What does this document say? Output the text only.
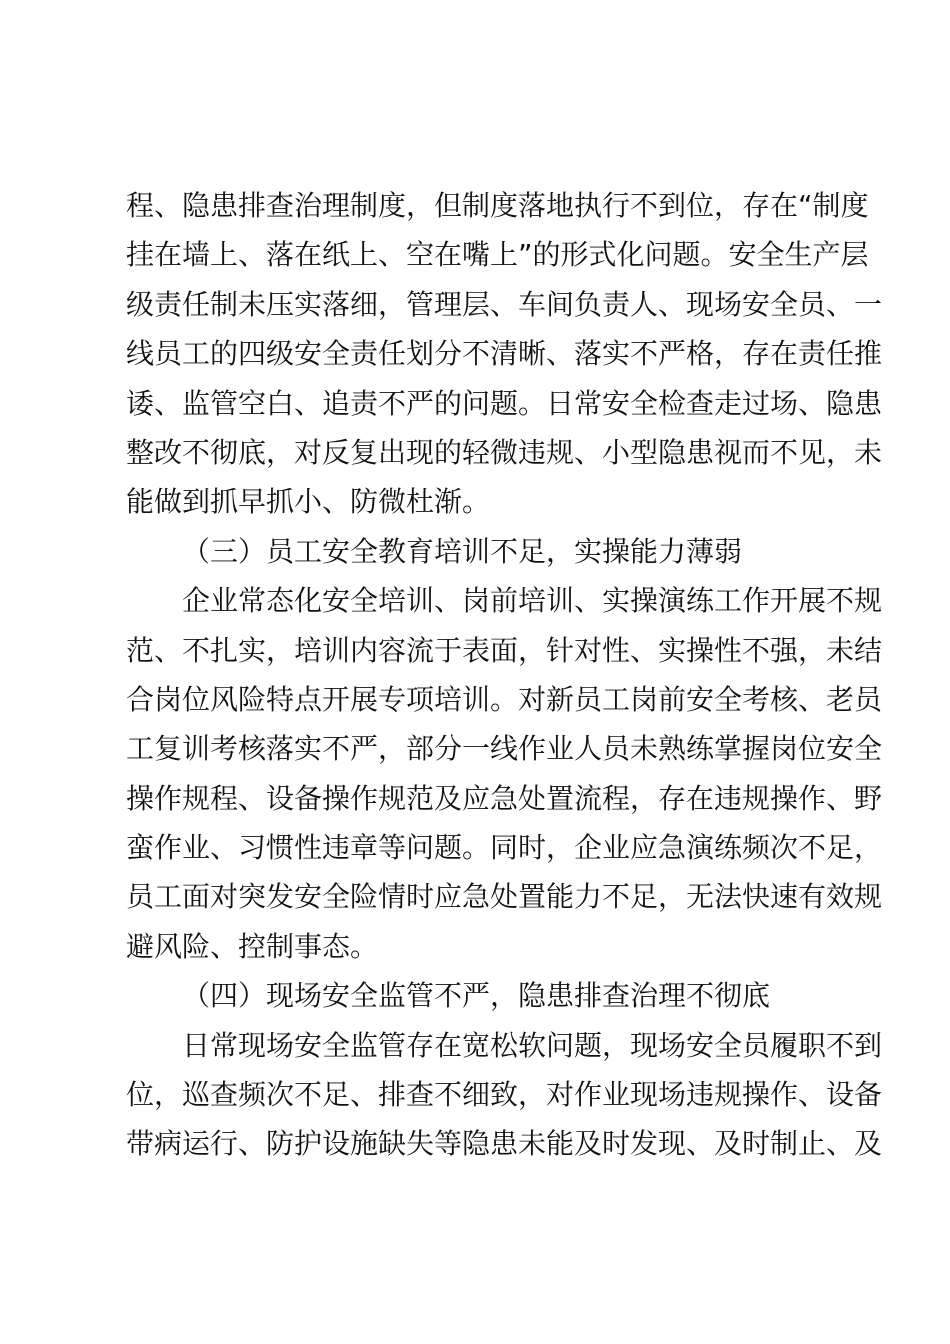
程、隐患排查治理制度，但制度落地执行不到位，存在“制度
挂在墙上、落在纸上、空在嘴上”的形式化问题。安全生产层
级责任制未压实落细，管理层、车间负责人、现场安全员、一
线员工的四级安全责任划分不清晰、落实不严格，存在责任推
诿、监管空白、追责不严的问题。日常安全检查走过场、隐患
整改不彻底，对反复出现的轻微违规、小型隐患视而不见，未
能做到抓早抓小、防微杜渐。
（三）员工安全教育培训不足，实操能力薄弱
企业常态化安全培训、岗前培训、实操演练工作开展不规
范、不扎实，培训内容流于表面，针对性、实操性不强，未结
合岗位风险特点开展专项培训。对新员工岗前安全考核、老员
工复训考核落实不严，部分一线作业人员未熟练掌握岗位安全
操作规程、设备操作规范及应急处置流程，存在违规操作、野
蛮作业、习惯性违章等问题。同时，企业应急演练频次不足，
员工面对突发安全险情时应急处置能力不足，无法快速有效规
避风险、控制事态。
（四）现场安全监管不严，隐患排查治理不彻底
日常现场安全监管存在宽松软问题，现场安全员履职不到
位，巡查频次不足、排查不细致，对作业现场违规操作、设备
带病运行、防护设施缺失等隐患未能及时发现、及时制止、及
